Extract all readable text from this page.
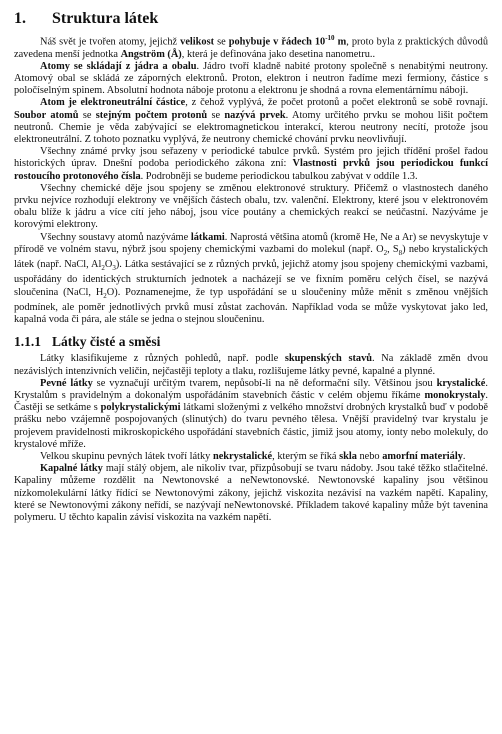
1.	Struktura látek

Náš svět je tvořen atomy, jejichž velikost se pohybuje v řádech $10^{-10}$ m, proto byla z praktických důvodů zavedena menší jednotka Angström (Å), která je definována jako desetina nanometru..

Atomy se skládají z jádra a obalu. Jádro tvoří kladně nabité protony společně s nenabitými neutrony. Atomový obal se skládá ze záporných elektronů. Proton, elektron i neutron řadíme mezi fermiony, částice s poločíselným spinem. Absolutní hodnota náboje protonu a elektronu je shodná a rovna elementárnímu náboji.

Atom je elektroneutrální částice, z čehož vyplývá, že počet protonů a počet elektronů se sobě rovnají. Soubor atomů se stejným počtem protonů se nazývá prvek. Atomy určitého prvku se mohou lišit počtem neutronů. Chemie je věda zabývající se elektromagnetickou interakcí, kterou neutrony necítí, protože jsou elektroneutrální. Z tohoto poznatku vyplývá, že neutrony chemické chování prvku neovlivňují.

Všechny známé prvky jsou seřazeny v periodické tabulce prvků. Systém pro jejich třídění prošel řadou historických úprav. Dnešní podoba periodického zákona zní: Vlastnosti prvků jsou periodickou funkcí rostoucího protonového čísla. Podrobněji se budeme periodickou tabulkou zabývat v oddíle 1.3.

Všechny chemické děje jsou spojeny se změnou elektronové struktury. Přičemž o vlastnostech daného prvku nejvíce rozhodují elektrony ve vnějších částech obalu, tzv. valenční. Elektrony, které jsou v elektronovém obalu blíže k jádru a více cítí jeho náboj, jsou více poutány a chemických reakcí se neúčastní. Nazýváme je korovými elektrony.

Všechny soustavy atomů nazýváme látkami. Naprostá většina atomů (kromě He, Ne a Ar) se nevyskytuje v přírodě ve volném stavu, nýbrž jsou spojeny chemickými vazbami do molekul (např. $O_2$, $S_8$) nebo krystalických látek (např. NaCl, $Al_2O_3$). Látka sestávající se z různých prvků, jejichž atomy jsou spojeny chemickými vazbami, uspořádány do identických strukturních jednotek a nacházejí se ve fixním poměru celých čísel, se nazývá sloučenina (NaCl, $H_2O$). Poznamenejme, že typ uspořádání se u sloučeniny může měnit s změnou vnějších podmínek, ale poměr jednotlivých prvků musí zůstat zachován. Například voda se může vyskytovat jako led, kapalná voda či pára, ale stále se jedna o stejnou sloučeninu.

1.1.1 Látky čisté a směsi

Látky klasifikujeme z různých pohledů, např. podle skupenských stavů. Na základě změn dvou nezávislých intenzivních veličin, nejčastěji teploty a tlaku, rozlišujeme látky pevné, kapalné a plynné.

Pevné látky se vyznačují určitým tvarem, nepůsobí-li na ně deformační síly. Většinou jsou krystalické. Krystalům s pravidelným a dokonalým uspořádáním stavebních částic v celém objemu říkáme monokrystaly. Častěji se setkáme s polykrystalickými látkami složenými z velkého množství drobných krystalků buď v podobě prášku nebo vzájemně pospojovaných (slinutých) do tvaru pevného tělesa. Vnější pravidelný tvar krystalu je projevem pravidelnosti mikroskopického uspořádání stavebních částic, jimiž jsou atomy, ionty nebo molekuly, do krystalové mříže.

Velkou skupinu pevných látek tvoří látky nekrystalické, kterým se říká skla nebo amorfní materiály.

Kapalné látky mají stálý objem, ale nikoliv tvar, přizpůsobují se tvaru nádoby. Jsou také těžko stlačitelné. Kapaliny můžeme rozdělit na Newtonovské a neNewtonovské. Newtonovské kapaliny jsou většinou nízkomolekulární látky řídící se Newtonovými zákony, jejichž viskozita nezávisí na vazkém napětí. Kapaliny, které se Newtonovými zákony neřídí, se nazývají neNewtonovské. Příkladem takové kapaliny může být tavenina polymeru. U těchto kapalin závisí viskozita na vazkém napětí.
